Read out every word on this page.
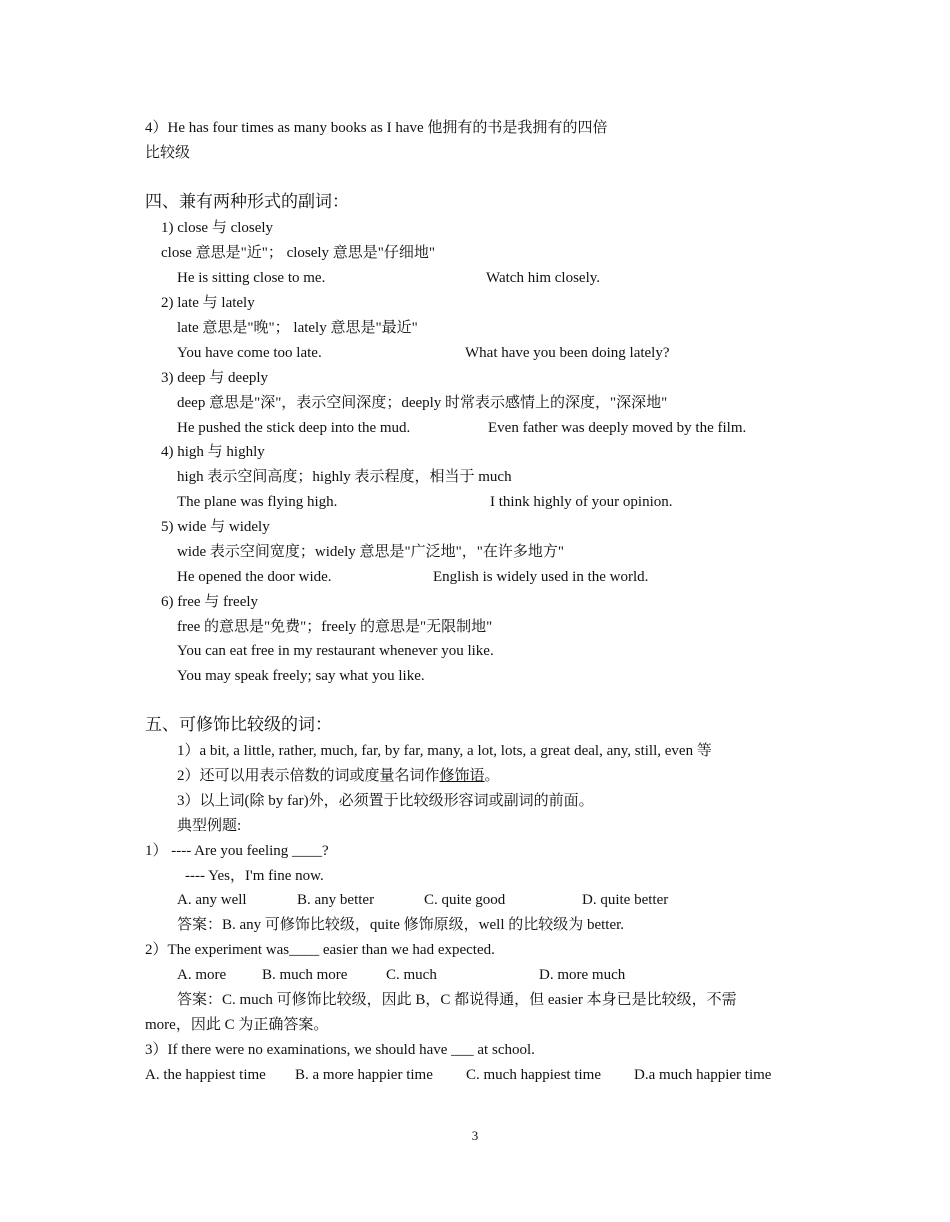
4）He has four times as many books as I have 他拥有的书是我拥有的四倍
比较级
四、兼有两种形式的副词：
1) close 与 closely
close 意思是"近"； closely 意思是"仔细地"
He is sitting close to me.	Watch him closely.
2) late 与 lately
late 意思是"晚"； lately 意思是"最近"
You have come too late.	What have you been doing lately?
3) deep 与 deeply
deep 意思是"深"，表示空间深度；deeply 时常表示感情上的深度，"深深地"
He pushed the stick deep into the mud.	Even father was deeply moved by the film.
4) high 与 highly
high 表示空间高度；highly 表示程度，相当于 much
The plane was flying high.	I think highly of your opinion.
5) wide 与 widely
wide 表示空间宽度；widely 意思是"广泛地"，"在许多地方"
He opened the door wide.	English is widely used in the world.
6) free 与 freely
free 的意思是"免费"；freely 的意思是"无限制地"
You can eat free in my restaurant whenever you like.
You may speak freely; say what you like.
五、可修饰比较级的词：
1）a bit, a little, rather, much, far, by far, many, a lot, lots, a great deal, any, still, even 等
2）还可以用表示倍数的词或度量名词作修饰语。
3）以上词(除 by far)外，必须置于比较级形容词或副词的前面。
典型例题:
1） ---- Are you feeling ____?
---- Yes，I'm fine now.
A. any well	B. any better	C. quite good	D. quite better
答案：B. any 可修饰比较级，quite 修饰原级，well 的比较级为 better.
2）The experiment was____ easier than we had expected.
A. more B. much more	C. much	D. more much
答案：C. much 可修饰比较级，因此 B，C 都说得通，但 easier 本身已是比较级，不需
more，因此 C 为正确答案。
3）If there were no examinations, we should have ___ at school.
A. the happiest time B. a more happier time C. much happiest time D.a much happier time
3
